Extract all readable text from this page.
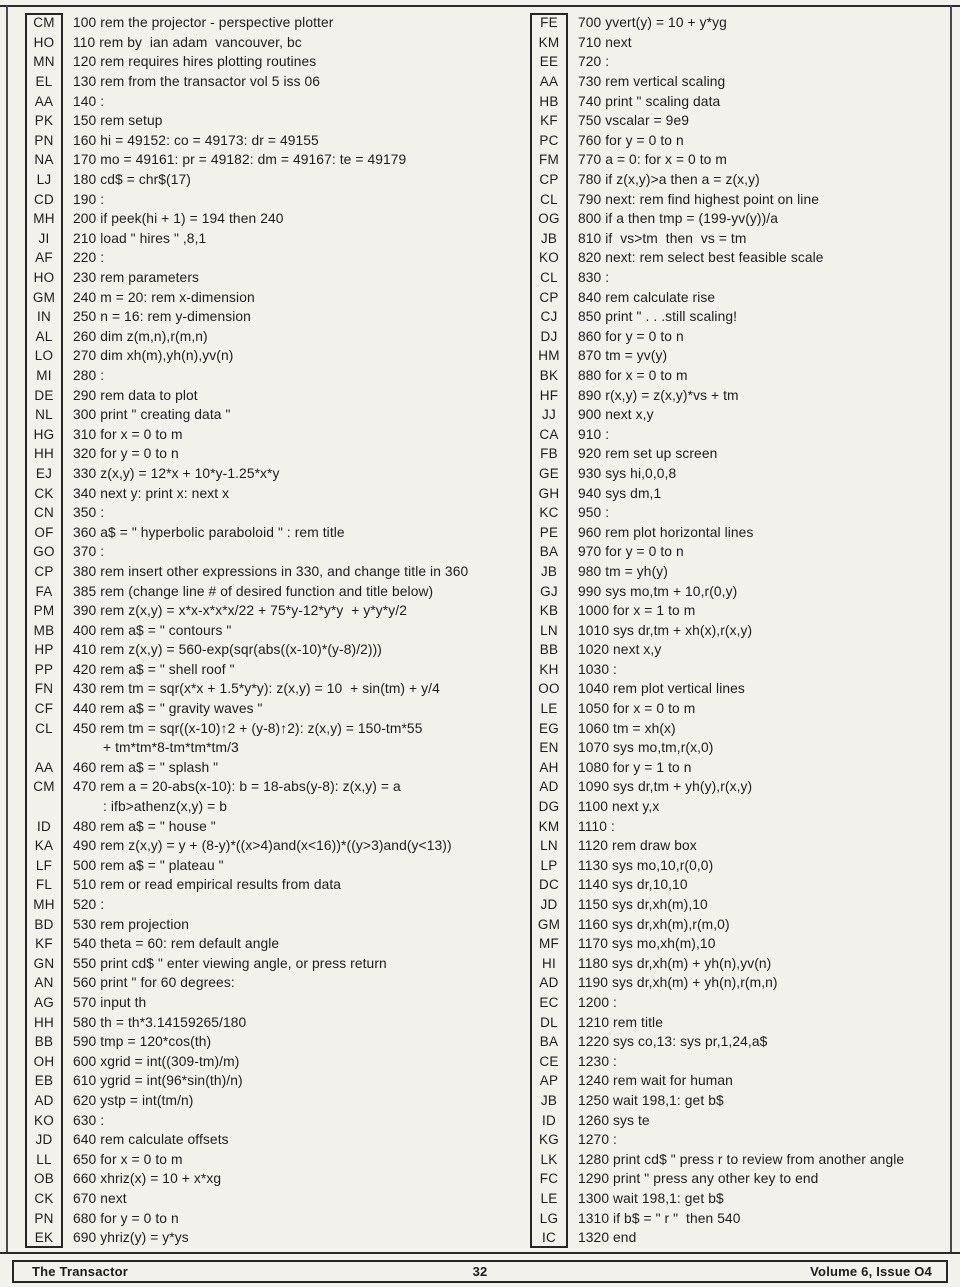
CM	100 rem the projector - perspective plotter
HO	110 rem by  ian adam  vancouver, bc
MN	120 rem requires hires plotting routines
EL	130 rem from the transactor vol 5 iss 06
AA	140 :
PK	150 rem setup
PN	160 hi = 49152: co = 49173: dr = 49155
NA	170 mo = 49161: pr = 49182: dm = 49167: te = 49179
LJ	180 cd$ = chr$(17)
CD	190 :
MH	200 if peek(hi + 1) = 194 then 240
JI	210 load " hires " ,8,1
AF	220 :
HO	230 rem parameters
GM	240 m = 20: rem x-dimension
IN	250 n = 16: rem y-dimension
AL	260 dim z(m,n),r(m,n)
LO	270 dim xh(m),yh(n),yv(n)
MI	280 :
DE	290 rem data to plot
NL	300 print " creating data "
HG	310 for x = 0 to m
HH	320 for y = 0 to n
EJ	330 z(x,y) = 12*x + 10*y-1.25*x*y
CK	340 next y: print x: next x
CN	350 :
OF	360 a$ = " hyperbolic paraboloid " : rem title
GO	370 :
CP	380 rem insert other expressions in 330, and change title in 360
FA	385 rem (change line # of desired function and title below)
PM	390 rem z(x,y) = x*x-x*x*x/22 + 75*y-12*y*y  + y*y*y/2
MB	400 rem a$ = " contours "
HP	410 rem z(x,y) = 560-exp(sqr(abs((x-10)*(y-8)/2)))
PP	420 rem a$ = " shell roof "
FN	430 rem tm = sqr(x*x + 1.5*y*y): z(x,y) = 10  + sin(tm) + y/4
CF	440 rem a$ = " gravity waves "
CL	450 rem tm = sqr((x-10)↑2 + (y-8)↑2): z(x,y) = 150-tm*55
+ tm*tm*8-tm*tm*tm/3
AA	460 rem a$ = " splash "
CM	470 rem a = 20-abs(x-10): b = 18-abs(y-8): z(x,y) = a
: ifb>athenz(x,y) = b
ID	480 rem a$ = " house "
KA	490 rem z(x,y) = y + (8-y)*((x>4)and(x<16))*((y>3)and(y<13))
LF	500 rem a$ = " plateau "
FL	510 rem or read empirical results from data
MH	520 :
BD	530 rem projection
KF	540 theta = 60: rem default angle
GN	550 print cd$ " enter viewing angle, or press return
AN	560 print " for 60 degrees:
AG	570 input th
HH	580 th = th*3.14159265/180
BB	590 tmp = 120*cos(th)
OH	600 xgrid = int((309-tm)/m)
EB	610 ygrid = int(96*sin(th)/n)
AD	620 ystp = int(tm/n)
KO	630 :
JD	640 rem calculate offsets
LL	650 for x = 0 to m
OB	660 xhriz(x) = 10 + x*xg
CK	670 next
PN	680 for y = 0 to n
EK	690 yhriz(y) = y*ys
FE	700 yvert(y) = 10 + y*yg
KM	710 next
EE	720 :
AA	730 rem vertical scaling
HB	740 print " scaling data
KF	750 vscalar = 9e9
PC	760 for y = 0 to n
FM	770 a = 0: for x = 0 to m
CP	780 if z(x,y)>a then a = z(x,y)
CL	790 next: rem find highest point on line
OG	800 if a then tmp = (199-yv(y))/a
JB	810 if  vs>tm  then  vs = tm
KO	820 next: rem select best feasible scale
CL	830 :
CP	840 rem calculate rise
CJ	850 print " . . .still scaling!
DJ	860 for y = 0 to n
HM	870 tm = yv(y)
BK	880 for x = 0 to m
HF	890 r(x,y) = z(x,y)*vs + tm
JJ	900 next x,y
CA	910 :
FB	920 rem set up screen
GE	930 sys hi,0,0,8
GH	940 sys dm,1
KC	950 :
PE	960 rem plot horizontal lines
BA	970 for y = 0 to n
JB	980 tm = yh(y)
GJ	990 sys mo,tm + 10,r(0,y)
KB	1000 for x = 1 to m
LN	1010 sys dr,tm + xh(x),r(x,y)
BB	1020 next x,y
KH	1030 :
OO	1040 rem plot vertical lines
LE	1050 for x = 0 to m
EG	1060 tm = xh(x)
EN	1070 sys mo,tm,r(x,0)
AH	1080 for y = 1 to n
AD	1090 sys dr,tm + yh(y),r(x,y)
DG	1100 next y,x
KM	1110 :
LN	1120 rem draw box
LP	1130 sys mo,10,r(0,0)
DC	1140 sys dr,10,10
JD	1150 sys dr,xh(m),10
GM	1160 sys dr,xh(m),r(m,0)
MF	1170 sys mo,xh(m),10
HI	1180 sys dr,xh(m) + yh(n),yv(n)
AD	1190 sys dr,xh(m) + yh(n),r(m,n)
EC	1200 :
DL	1210 rem title
BA	1220 sys co,13: sys pr,1,24,a$
CE	1230 :
AP	1240 rem wait for human
JB	1250 wait 198,1: get b$
ID	1260 sys te
KG	1270 :
LK	1280 print cd$ " press r to review from another angle
FC	1290 print " press any other key to end
LE	1300 wait 198,1: get b$
LG	1310 if b$ = " r "  then 540
IC	1320 end
The Transactor	32	Volume 6, Issue O4
